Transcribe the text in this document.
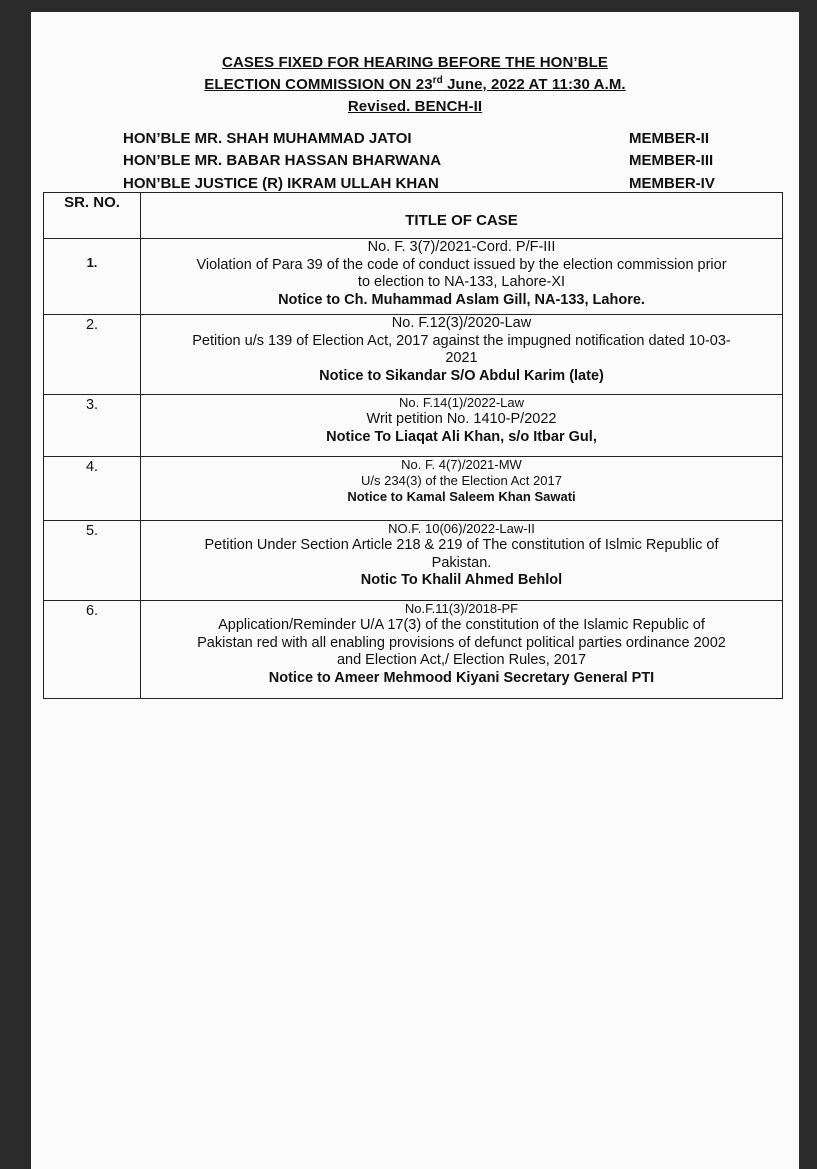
CASES FIXED FOR HEARING BEFORE THE HON’BLE
ELECTION COMMISSION ON 23rd June, 2022 AT 11:30 A.M.
Revised. BENCH-II
HON’BLE MR. SHAH MUHAMMAD JATOI	MEMBER-II
HON’BLE MR. BABAR HASSAN BHARWANA	MEMBER-III
HON’BLE JUSTICE (R) IKRAM ULLAH KHAN	MEMBER-IV
SR. NO.	TITLE OF CASE
1.	No. F. 3(7)/2021-Cord. P/F-III
Violation of Para 39 of the code of conduct issued by the election commission prior
to election to NA-133, Lahore-XI
Notice to Ch. Muhammad Aslam Gill, NA-133, Lahore.

2.	No. F.12(3)/2020-Law
Petition u/s 139 of Election Act, 2017 against the impugned notification dated 10-03-
2021
Notice to Sikandar S/O Abdul Karim (late)

3.	No. F.14(1)/2022-Law
Writ petition No. 1410-P/2022
Notice To Liaqat Ali Khan, s/o Itbar Gul,

4.	No. F. 4(7)/2021-MW
U/s 234(3) of the Election Act 2017
Notice to Kamal Saleem Khan Sawati

5.	NO.F. 10(06)/2022-Law-II
Petition Under Section Article 218 & 219 of The constitution of Islmic Republic of
Pakistan.
Notic To Khalil Ahmed Behlol

6.	No.F.11(3)/2018-PF
Application/Reminder U/A 17(3) of the constitution of the Islamic Republic of
Pakistan red with all enabling provisions of defunct political parties ordinance 2002
and Election Act,/ Election Rules, 2017
Notice to Ameer Mehmood Kiyani Secretary General PTI
